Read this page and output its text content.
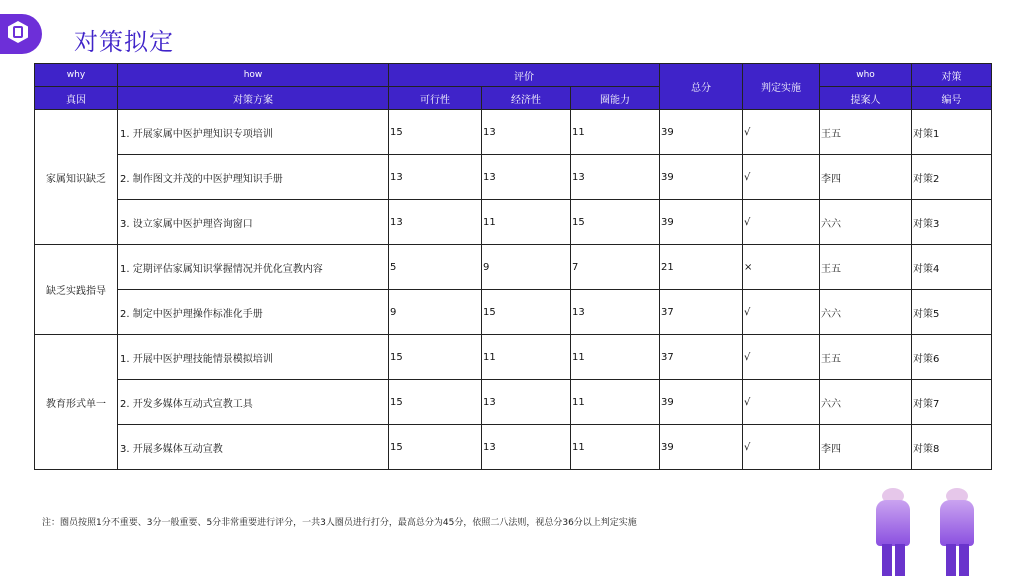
对策拟定
why	how	评价			总分	判定实施	who	对策
真因	对策方案	可行性	经济性	圈能力			提案人	编号
家属知识缺乏	1. 开展家属中医护理知识专项培训	15	13	11	39	√	王五	对策1
	2. 制作图文并茂的中医护理知识手册	13	13	13	39	√	李四	对策2
	3. 设立家属中医护理咨询窗口	13	11	15	39	√	六六	对策3
缺乏实践指导	1. 定期评估家属知识掌握情况并优化宣教内容	5	9	7	21	×	王五	对策4
	2. 制定中医护理操作标准化手册	9	15	13	37	√	六六	对策5
教育形式单一	1. 开展中医护理技能情景模拟培训	15	11	11	37	√	王五	对策6
	2. 开发多媒体互动式宣教工具	15	13	11	39	√	六六	对策7
	3. 开展多媒体互动宣教	15	13	11	39	√	李四	对策8
注：圈员按照1分不重要、3分一般重要、5分非常重要进行评分，一共3人圈员进行打分，最高总分为45分，依照二八法则，视总分36分以上判定实施
